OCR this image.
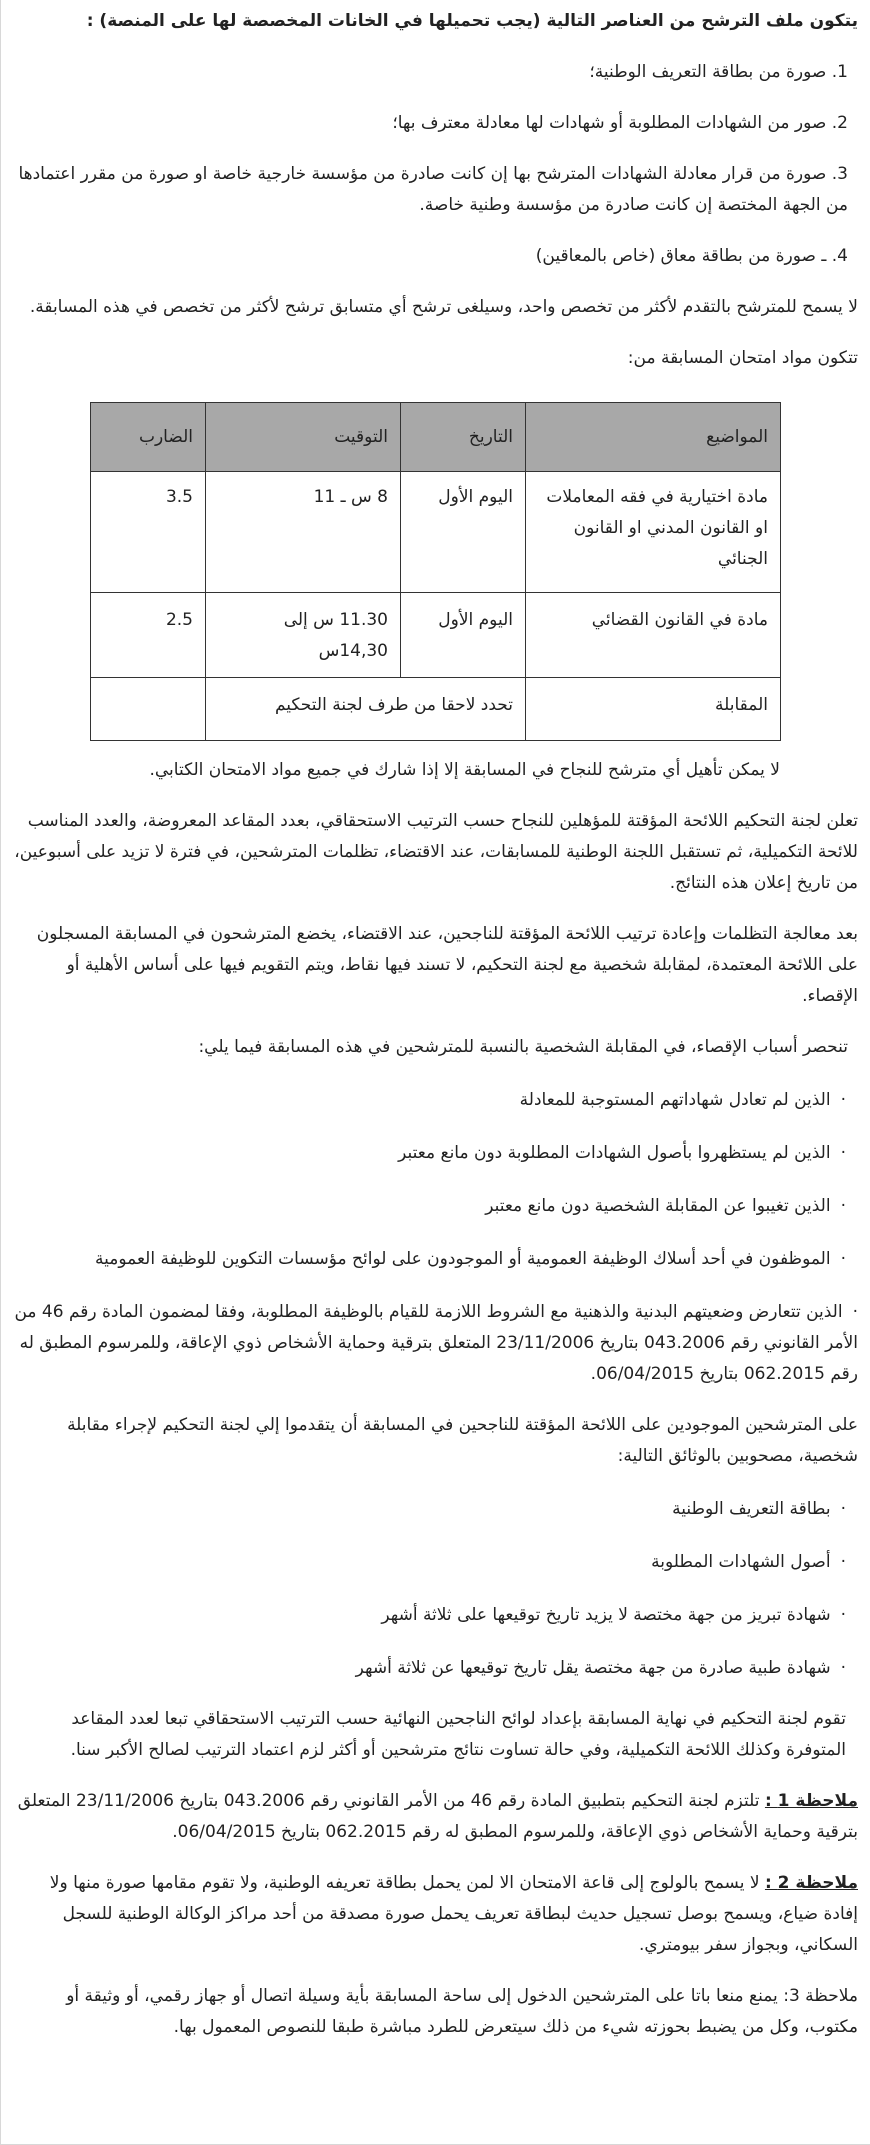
يتكون ملف الترشح من العناصر التالية (يجب تحميلها في الخانات المخصصة لها على المنصة) :

1. صورة من بطاقة التعريف الوطنية؛

2. صور من الشهادات المطلوبة أو شهادات لها معادلة معترف بها؛

3. صورة من قرار معادلة الشهادات المترشح بها إن كانت صادرة من مؤسسة خارجية خاصة او صورة من مقرر اعتمادها من الجهة المختصة إن كانت صادرة من مؤسسة وطنية خاصة.

4. ـ صورة من بطاقة معاق (خاص بالمعاقين)

لا يسمح للمترشح بالتقدم لأكثر من تخصص واحد، وسيلغى ترشح أي متسابق ترشح لأكثر من تخصص في هذه المسابقة.

تتكون مواد امتحان المسابقة من:

المواضيع	التاريخ	التوقيت	الضارب
مادة اختيارية في فقه المعاملات او القانون المدني او القانون الجنائي	اليوم الأول	8 س ـ 11	3.5
مادة في القانون القضائي	اليوم الأول	11.30 س إلى 14,30س	2.5
المقابلة	تحدد لاحقا من طرف لجنة التحكيم		

لا يمكن تأهيل أي مترشح للنجاح في المسابقة إلا إذا شارك في جميع مواد الامتحان الكتابي.

تعلن لجنة التحكيم اللائحة المؤقتة للمؤهلين للنجاح حسب الترتيب الاستحقاقي، بعدد المقاعد المعروضة، والعدد المناسب للائحة التكميلية، ثم تستقبل اللجنة الوطنية للمسابقات، عند الاقتضاء، تظلمات المترشحين، في فترة لا تزيد على أسبوعين، من تاريخ إعلان هذه النتائج.

بعد معالجة التظلمات وإعادة ترتيب اللائحة المؤقتة للناجحين، عند الاقتضاء، يخضع المترشحون في المسابقة المسجلون على اللائحة المعتمدة، لمقابلة شخصية مع لجنة التحكيم، لا تسند فيها نقاط، ويتم التقويم فيها على أساس الأهلية أو الإقصاء.

تنحصر أسباب الإقصاء، في المقابلة الشخصية بالنسبة للمترشحين في هذه المسابقة فيما يلي:

·الذين لم تعادل شهاداتهم المستوجبة للمعادلة

·الذين لم يستظهروا بأصول الشهادات المطلوبة دون مانع معتبر

·الذين تغيبوا عن المقابلة الشخصية دون مانع معتبر

·الموظفون في أحد أسلاك الوظيفة العمومية أو الموجودون على لوائح مؤسسات التكوين للوظيفة العمومية

·الذين تتعارض وضعيتهم البدنية والذهنية مع الشروط اللازمة للقيام بالوظيفة المطلوبة، وفقا لمضمون المادة رقم 46 من الأمر القانوني رقم 043.2006 بتاريخ 23/11/2006 المتعلق بترقية وحماية الأشخاص ذوي الإعاقة، وللمرسوم المطبق له رقم 062.2015 بتاريخ 06/04/2015.

على المترشحين الموجودين على اللائحة المؤقتة للناجحين في المسابقة أن يتقدموا إلي لجنة التحكيم لإجراء مقابلة شخصية، مصحوبين بالوثائق التالية:

·بطاقة التعريف الوطنية

·أصول الشهادات المطلوبة

·شهادة تبريز من جهة مختصة لا يزيد تاريخ توقيعها على ثلاثة أشهر

·شهادة طبية صادرة من جهة مختصة يقل تاريخ توقيعها عن ثلاثة أشهر

تقوم لجنة التحكيم في نهاية المسابقة بإعداد لوائح الناجحين النهائية حسب الترتيب الاستحقاقي تبعا لعدد المقاعد المتوفرة وكذلك اللائحة التكميلية، وفي حالة تساوت نتائج مترشحين أو أكثر لزم اعتماد الترتيب لصالح الأكبر سنا.

ملاحظة 1 : تلتزم لجنة التحكيم بتطبيق المادة رقم 46 من الأمر القانوني رقم 043.2006 بتاريخ 23/11/2006 المتعلق بترقية وحماية الأشخاص ذوي الإعاقة، وللمرسوم المطبق له رقم 062.2015 بتاريخ 06/04/2015.

ملاحظة 2 : لا يسمح بالولوج إلى قاعة الامتحان الا لمن يحمل بطاقة تعريفه الوطنية، ولا تقوم مقامها صورة منها ولا إفادة ضياع، ويسمح بوصل تسجيل حديث لبطاقة تعريف يحمل صورة مصدقة من أحد مراكز الوكالة الوطنية للسجل السكاني، وبجواز سفر بيومتري.

ملاحظة 3: يمنع منعا باتا على المترشحين الدخول إلى ساحة المسابقة بأية وسيلة اتصال أو جهاز رقمي، أو وثيقة أو مكتوب، وكل من يضبط بحوزته شيء من ذلك سيتعرض للطرد مباشرة طبقا للنصوص المعمول بها.
